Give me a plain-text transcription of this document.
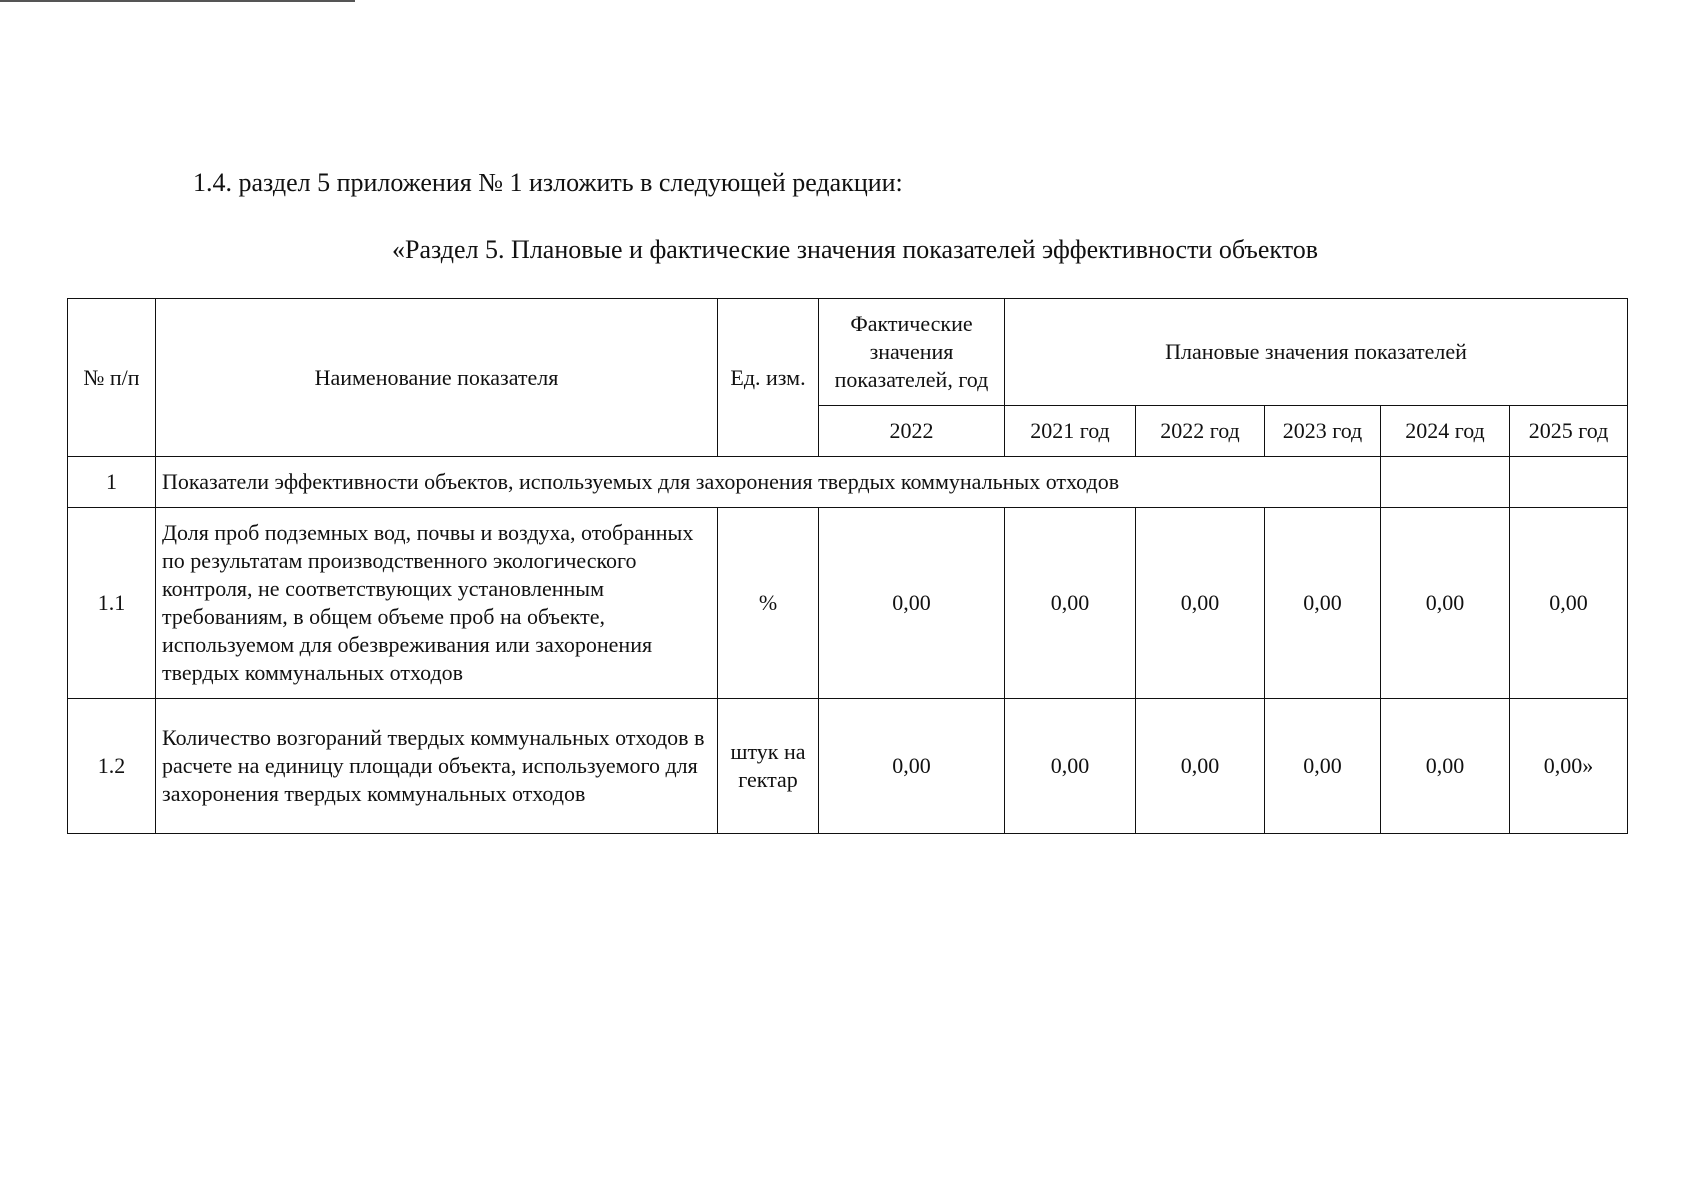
1.4. раздел 5 приложения № 1 изложить в следующей редакции:
«Раздел 5. Плановые и фактические значения показателей эффективности объектов
№ п/п	Наименование показателя	Ед. изм.	Фактические
значения
показателей, год	Плановые значения показателей				
			2022	2021 год	2022 год	2023 год	2024 год	2025 год
1	Показатели эффективности объектов, используемых для захоронения твердых коммунальных отходов							
1.1	Доля проб подземных вод, почвы и воздуха, отобранных по результатам производственного экологического контроля, не соответствующих установленным требованиям, в общем объеме проб на объекте, используемом для обезвреживания или захоронения твердых коммунальных отходов	%	0,00	0,00	0,00	0,00	0,00	0,00
1.2	Количество возгораний твердых коммунальных отходов в расчете на единицу площади объекта, используемого для захоронения твердых коммунальных отходов	штук на
гектар	0,00	0,00	0,00	0,00	0,00	0,00»
